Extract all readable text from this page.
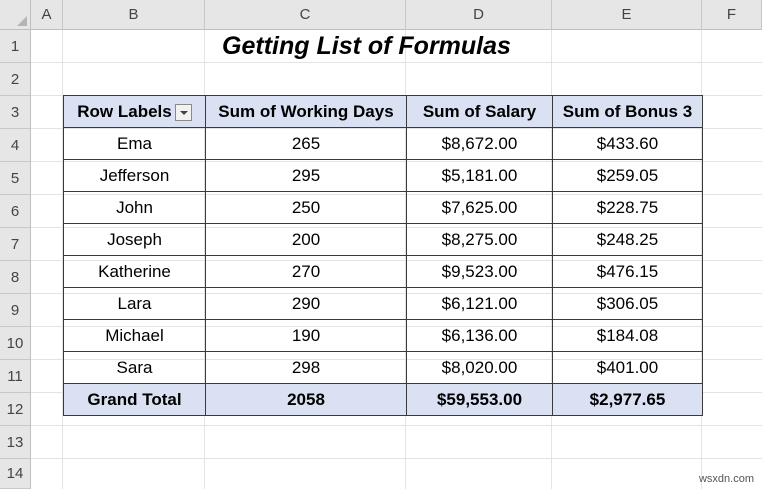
A	B	C	D	E	F
1
2
3
4
5
6
7
8
9
10
11
12
13
14
Getting List of Formulas
Row Labels	Sum of Working Days	Sum of Salary	Sum of Bonus 3
Ema	265	$8,672.00	$433.60
Jefferson	295	$5,181.00	$259.05
John	250	$7,625.00	$228.75
Joseph	200	$8,275.00	$248.25
Katherine	270	$9,523.00	$476.15
Lara	290	$6,121.00	$306.05
Michael	190	$6,136.00	$184.08
Sara	298	$8,020.00	$401.00
Grand Total	2058	$59,553.00	$2,977.65
wsxdn.com
